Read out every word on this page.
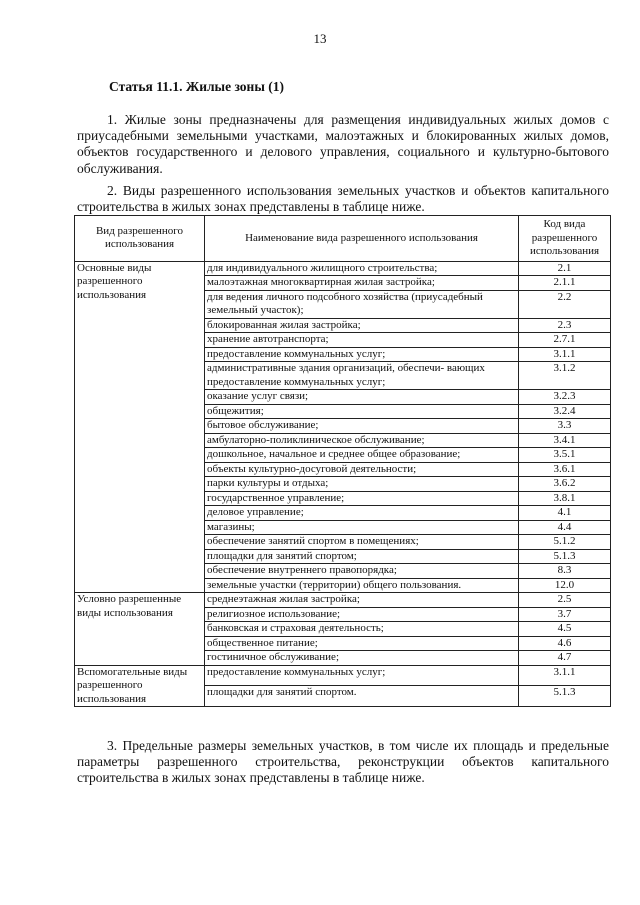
13
Статья 11.1. Жилые зоны (1)

1. Жилые зоны предназначены для размещения индивидуальных жилых домов с приусадебными земельными участками, малоэтажных и блокированных жилых домов, объектов государственного и делового управления, социального и культурно-бытового обслуживания.

2. Виды разрешенного использования земельных участков и объектов капитального строительства в жилых зонах представлены в таблице ниже.

Вид разрешенного использования	Наименование вида разрешенного использования	Код вида разрешенного использования
Основные виды разрешенного использования	для индивидуального жилищного строительства;	2.1
	малоэтажная многоквартирная жилая застройка;	2.1.1
	для ведения личного подсобного хозяйства (приусадебный земельный участок);	2.2
	блокированная жилая застройка;	2.3
	хранение автотранспорта;	2.7.1
	предоставление коммунальных услуг;	3.1.1
	административные здания организаций, обеспечи- вающих предоставление коммунальных услуг;	3.1.2
	оказание услуг связи;	3.2.3
	общежития;	3.2.4
	бытовое обслуживание;	3.3
	амбулаторно-поликлиническое обслуживание;	3.4.1
	дошкольное, начальное и среднее общее образование;	3.5.1
	объекты культурно-досуговой деятельности;	3.6.1
	парки культуры и отдыха;	3.6.2
	государственное управление;	3.8.1
	деловое управление;	4.1
	магазины;	4.4
	обеспечение занятий спортом в помещениях;	5.1.2
	площадки для занятий спортом;	5.1.3
	обеспечение внутреннего правопорядка;	8.3
	земельные участки (территории) общего пользования.	12.0
Условно разрешенные виды использования	среднеэтажная жилая застройка;	2.5
	религиозное использование;	3.7
	банковская и страховая деятельность;	4.5
	общественное питание;	4.6
	гостиничное обслуживание;	4.7
Вспомогательные виды разрешенного использования	предоставление коммунальных услуг;	3.1.1
	площадки для занятий спортом.	5.1.3

3. Предельные размеры земельных участков, в том числе их площадь и предельные параметры разрешенного строительства, реконструкции объектов капитального строительства в жилых зонах представлены в таблице ниже.
